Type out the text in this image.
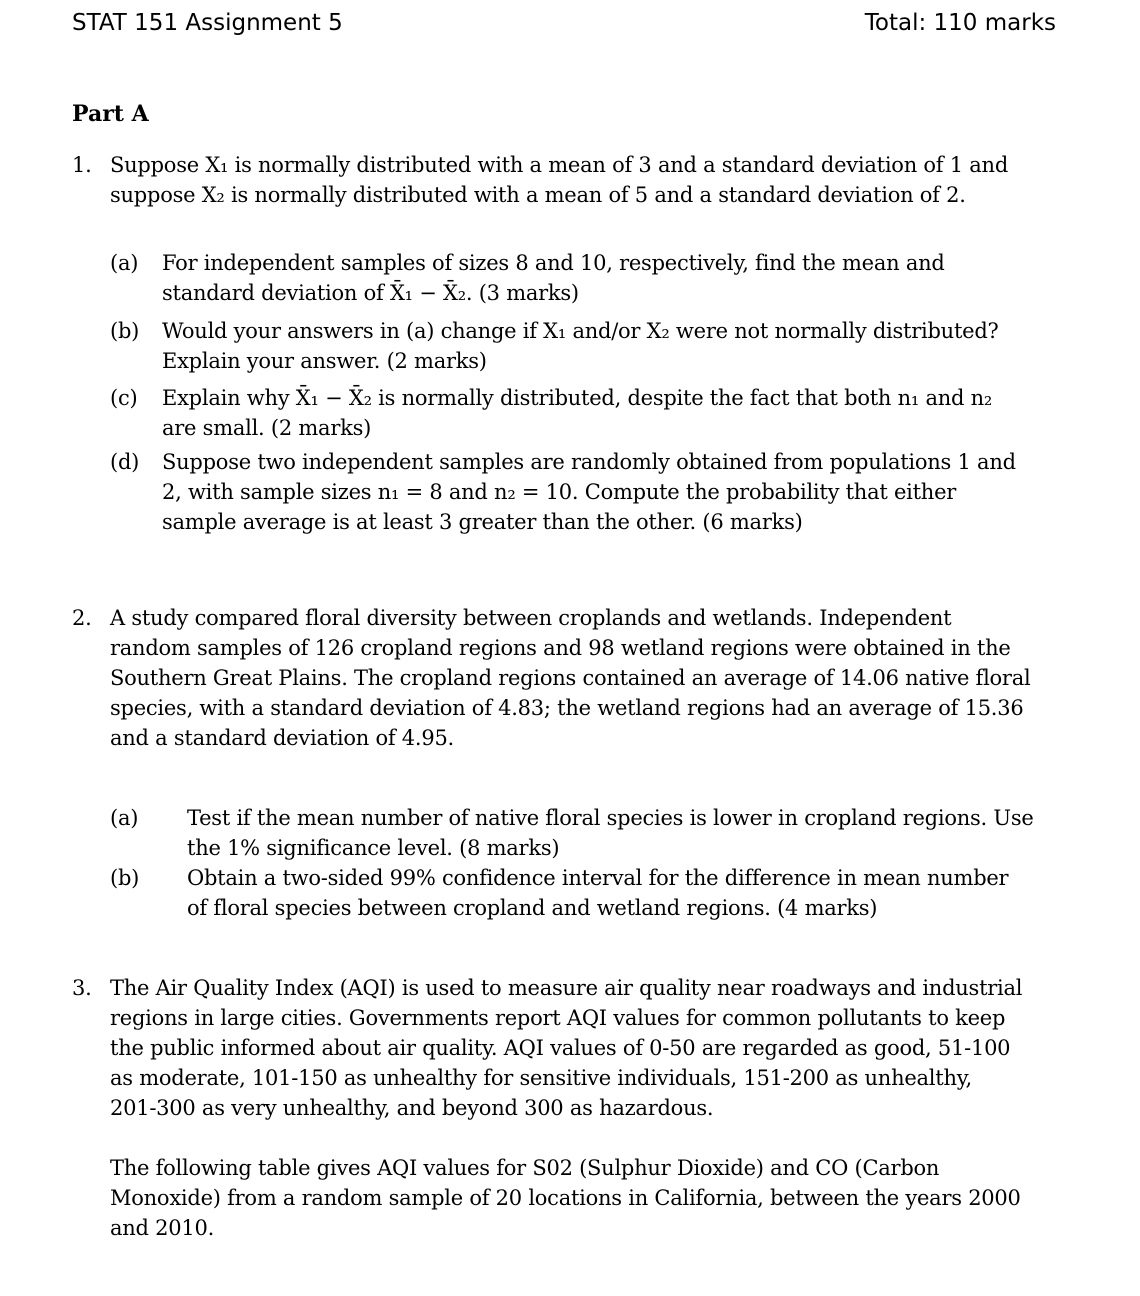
STAT 151 Assignment 5	Total: 110 marks
Part A
1. Suppose X₁ is normally distributed with a mean of 3 and a standard deviation of 1 and
suppose X₂ is normally distributed with a mean of 5 and a standard deviation of 2.
(a) For independent samples of sizes 8 and 10, respectively, find the mean and
standard deviation of X̄₁ − X̄₂. (3 marks)
(b) Would your answers in (a) change if X₁ and/or X₂ were not normally distributed?
Explain your answer. (2 marks)
(c) Explain why X̄₁ − X̄₂ is normally distributed, despite the fact that both n₁ and n₂
are small. (2 marks)
(d) Suppose two independent samples are randomly obtained from populations 1 and
2, with sample sizes n₁ = 8 and n₂ = 10. Compute the probability that either
sample average is at least 3 greater than the other. (6 marks)
2. A study compared floral diversity between croplands and wetlands. Independent
random samples of 126 cropland regions and 98 wetland regions were obtained in the
Southern Great Plains. The cropland regions contained an average of 14.06 native floral
species, with a standard deviation of 4.83; the wetland regions had an average of 15.36
and a standard deviation of 4.95.
(a) Test if the mean number of native floral species is lower in cropland regions. Use
the 1% significance level. (8 marks)
(b) Obtain a two-sided 99% confidence interval for the difference in mean number
of floral species between cropland and wetland regions. (4 marks)
3. The Air Quality Index (AQI) is used to measure air quality near roadways and industrial
regions in large cities. Governments report AQI values for common pollutants to keep
the public informed about air quality. AQI values of 0-50 are regarded as good, 51-100
as moderate, 101-150 as unhealthy for sensitive individuals, 151-200 as unhealthy,
201-300 as very unhealthy, and beyond 300 as hazardous.
The following table gives AQI values for S02 (Sulphur Dioxide) and CO (Carbon
Monoxide) from a random sample of 20 locations in California, between the years 2000
and 2010.
